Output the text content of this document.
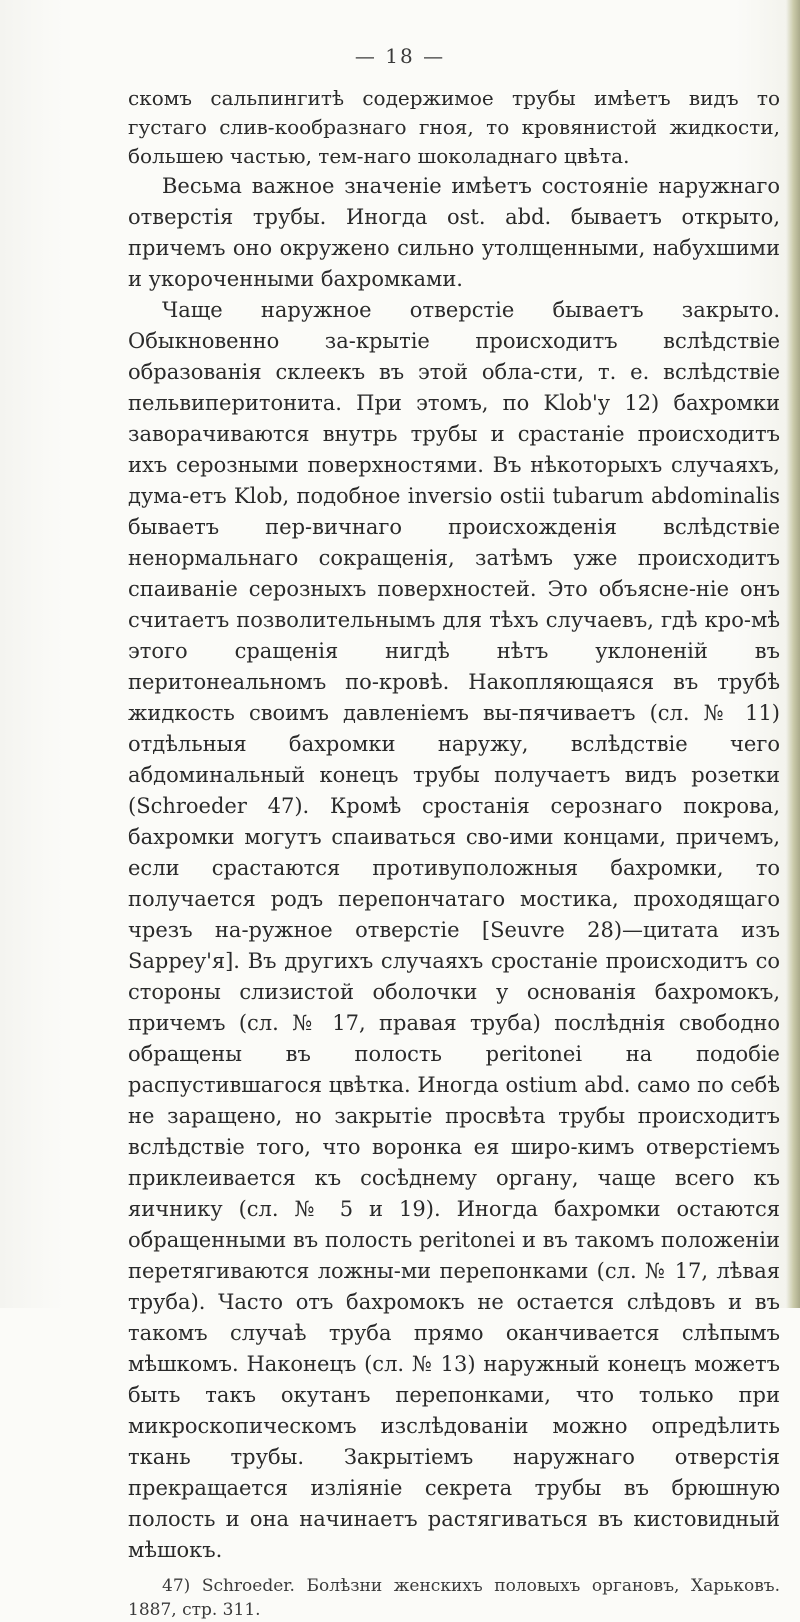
— 18 —

скомъ сальпингитѣ содержимое трубы имѣетъ видъ то густаго слив-кообразнаго гноя, то кровянистой жидкости, большею частью, тем-наго шоколаднаго цвѣта.

Весьма важное значеніе имѣетъ состояніе наружнаго отверстія трубы. Иногда ost. abd. бываетъ открыто, причемъ оно окружено сильно утолщенными, набухшими и укороченными бахромками.

Чаще наружное отверстіе бываетъ закрыто. Обыкновенно за-крытіе происходитъ вслѣдствіе образованія склеекъ въ этой обла-сти, т. е. вслѣдствіе пельвиперитонита. При этомъ, по Klob'у 12) бахромки заворачиваются внутрь трубы и срастаніе происходитъ ихъ серозными поверхностями. Въ нѣкоторыхъ случаяхъ, дума-етъ Klob, подобное inversio ostii tubarum abdominalis бываетъ пер-вичнаго происхожденія вслѣдствіе ненормальнаго сокращенія, затѣмъ уже происходитъ спаиваніе серозныхъ поверхностей. Это объясне-ніе онъ считаетъ позволительнымъ для тѣхъ случаевъ, гдѣ кро-мѣ этого сращенія нигдѣ нѣтъ уклоненій въ перитонеальномъ по-кровѣ. Накопляющаяся въ трубѣ жидкость своимъ давленіемъ вы-пячиваетъ (сл. № 11) отдѣльныя бахромки наружу, вслѣдствіе чего абдоминальный конецъ трубы получаетъ видъ розетки (Schroeder 47). Кромѣ сростанія серознаго покрова, бахромки могутъ спаиваться сво-ими концами, причемъ, если срастаются противуположныя бахромки, то получается родъ перепончатаго мостика, проходящаго чрезъ на-ружное отверстіе [Seuvre 28)—цитата изъ Sappey'я]. Въ другихъ случаяхъ сростаніе происходитъ со стороны слизистой оболочки у основанія бахромокъ, причемъ (сл. № 17, правая труба) послѣднія свободно обращены въ полость peritonei на подобіе распустившагося цвѣтка. Иногда ostium abd. само по себѣ не заращено, но закрытіе просвѣта трубы происходитъ вслѣдствіе того, что воронка ея широ-кимъ отверстіемъ приклеивается къ сосѣднему органу, чаще всего къ яичнику (сл. № 5 и 19). Иногда бахромки остаются обращенными въ полость peritonei и въ такомъ положеніи перетягиваются ложны-ми перепонками (сл. № 17, лѣвая труба). Часто отъ бахромокъ не остается слѣдовъ и въ такомъ случаѣ труба прямо оканчивается слѣпымъ мѣшкомъ. Наконецъ (сл. № 13) наружный конецъ можетъ быть такъ окутанъ перепонками, что только при микроскопическомъ изслѣдованіи можно опредѣлить ткань трубы. Закрытіемъ наружнаго отверстія прекращается изліяніе секрета трубы въ брюшную полость и она начинаетъ растягиваться въ кистовидный мѣшокъ.

47) Schroeder. Болѣзни женскихъ половыхъ органовъ, Харьковъ. 1887, стр. 311.
